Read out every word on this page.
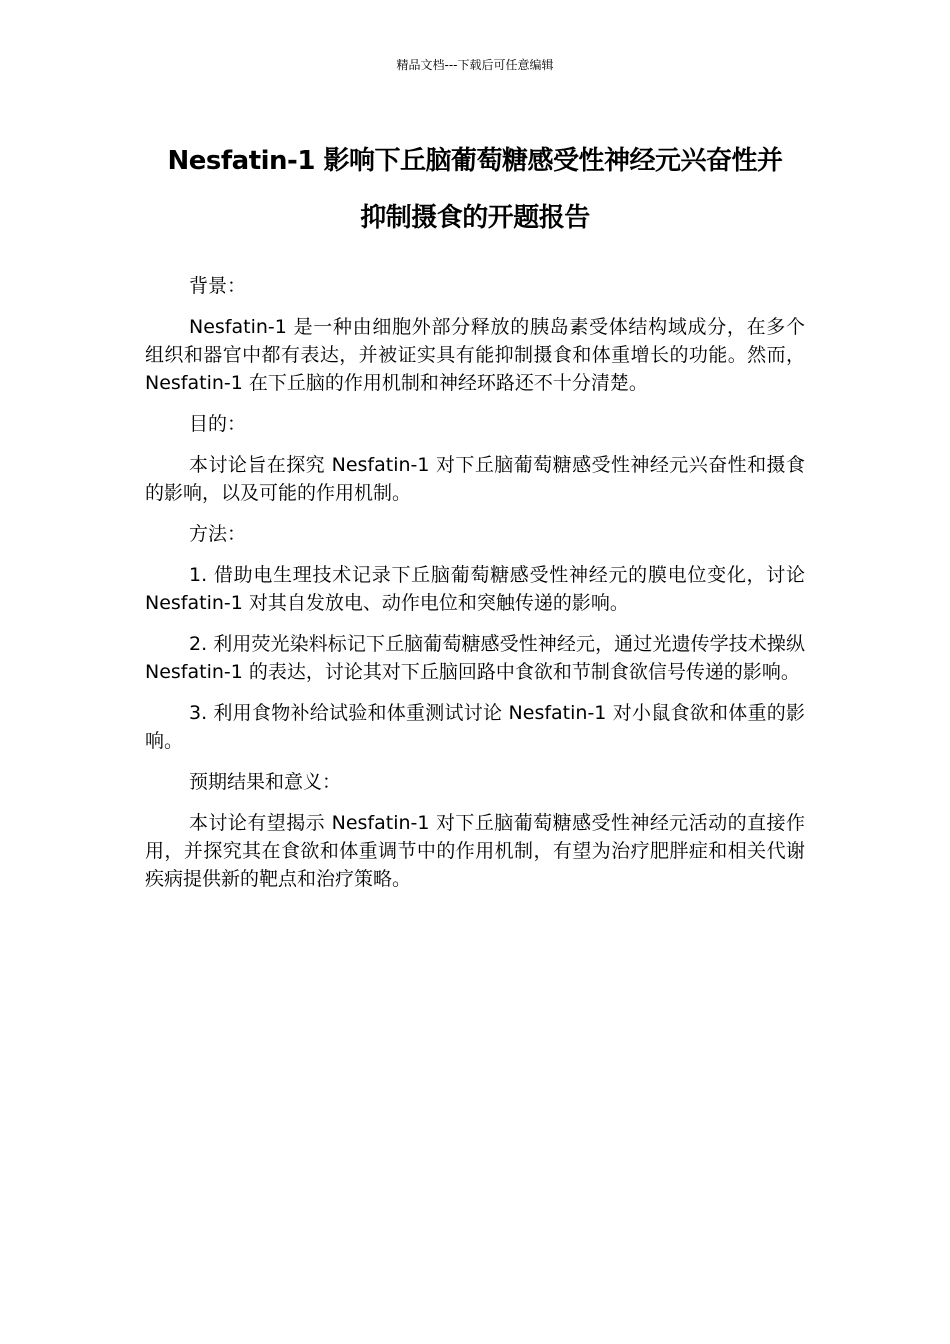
精品文档---下载后可任意编辑
Nesfatin-1 影响下丘脑葡萄糖感受性神经元兴奋性并
抑制摄食的开题报告

背景：

Nesfatin-1 是一种由细胞外部分释放的胰岛素受体结构域成分，在多个组织和器官中都有表达，并被证实具有能抑制摄食和体重增长的功能。然而，Nesfatin-1 在下丘脑的作用机制和神经环路还不十分清楚。

目的：

本讨论旨在探究 Nesfatin-1 对下丘脑葡萄糖感受性神经元兴奋性和摄食的影响，以及可能的作用机制。

方法：

1. 借助电生理技术记录下丘脑葡萄糖感受性神经元的膜电位变化，讨论 Nesfatin-1 对其自发放电、动作电位和突触传递的影响。

2. 利用荧光染料标记下丘脑葡萄糖感受性神经元，通过光遗传学技术操纵 Nesfatin-1 的表达，讨论其对下丘脑回路中食欲和节制食欲信号传递的影响。

3. 利用食物补给试验和体重测试讨论 Nesfatin-1 对小鼠食欲和体重的影响。

预期结果和意义：

本讨论有望揭示 Nesfatin-1 对下丘脑葡萄糖感受性神经元活动的直接作用，并探究其在食欲和体重调节中的作用机制，有望为治疗肥胖症和相关代谢疾病提供新的靶点和治疗策略。
